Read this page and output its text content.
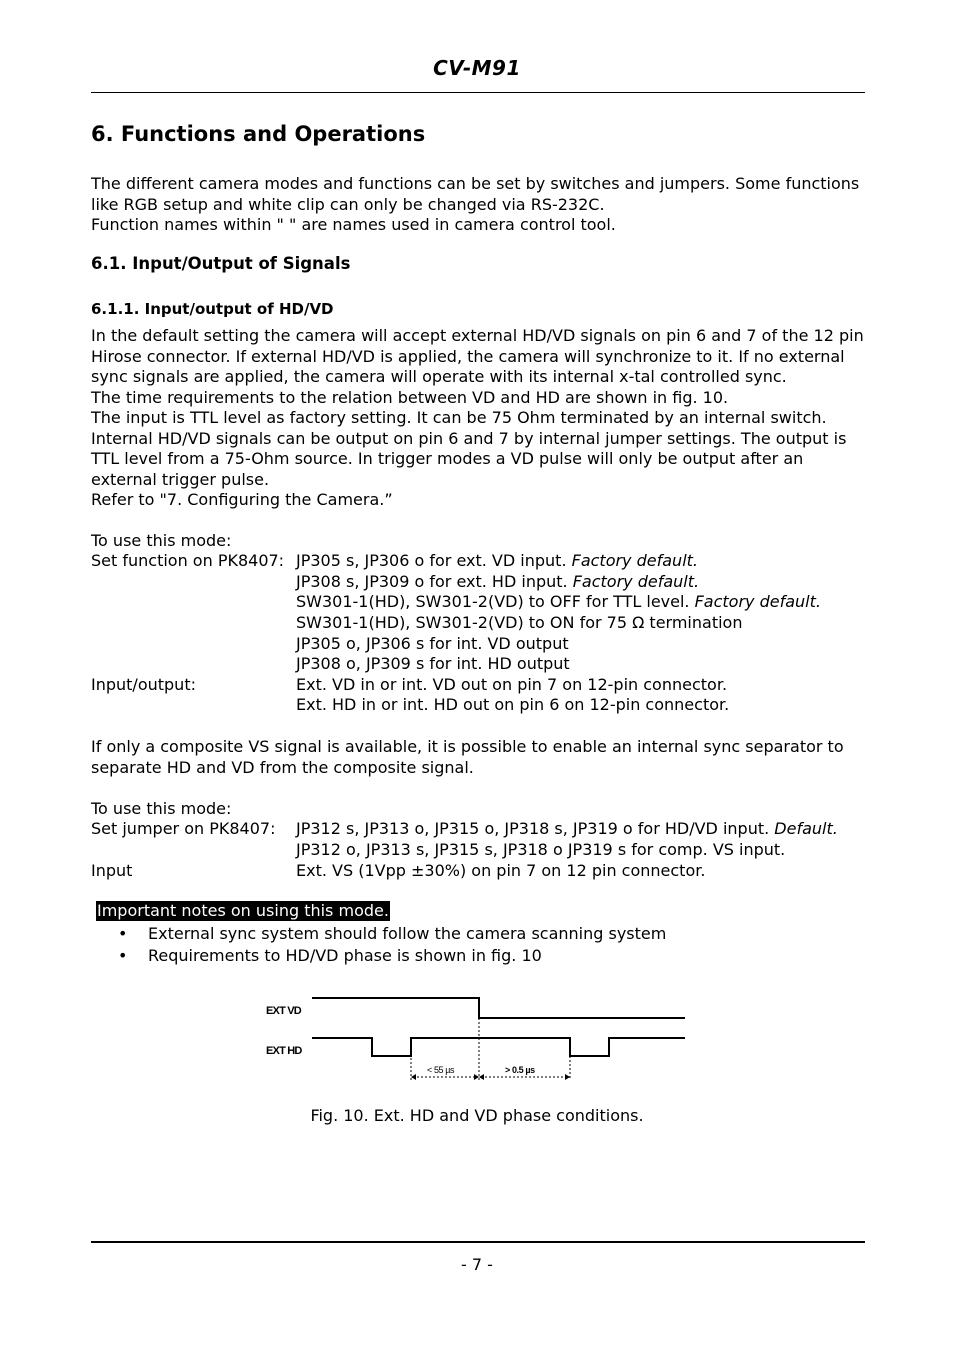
CV-M91
6. Functions and Operations
The different camera modes and functions can be set by switches and jumpers. Some functions
like RGB setup and white clip can only be changed via RS-232C.
Function names within " " are names used in camera control tool.
6.1. Input/Output of Signals
6.1.1. Input/output of HD/VD
In the default setting the camera will accept external HD/VD signals on pin 6 and 7 of the 12 pin
Hirose connector. If external HD/VD is applied, the camera will synchronize to it. If no external
sync signals are applied, the camera will operate with its internal x-tal controlled sync.
The time requirements to the relation between VD and HD are shown in fig. 10.
The input is TTL level as factory setting. It can be 75 Ohm terminated by an internal switch.
Internal HD/VD signals can be output on pin 6 and 7 by internal jumper settings. The output is
TTL level from a 75-Ohm source. In trigger modes a VD pulse will only be output after an
external trigger pulse.
Refer to "7. Configuring the Camera.”
To use this mode:
Set function on PK8407: JP305 s, JP306 o for ext. VD input. Factory default.
JP308 s, JP309 o for ext. HD input. Factory default.
SW301-1(HD), SW301-2(VD) to OFF for TTL level. Factory default.
SW301-1(HD), SW301-2(VD) to ON for 75 Ω termination
JP305 o, JP306 s for int. VD output
JP308 o, JP309 s for int. HD output
Input/output:	Ext. VD in or int. VD out on pin 7 on 12-pin connector.
Ext. HD in or int. HD out on pin 6 on 12-pin connector.
If only a composite VS signal is available, it is possible to enable an internal sync separator to
separate HD and VD from the composite signal.
To use this mode:
Set jumper on PK8407: JP312 s, JP313 o, JP315 o, JP318 s, JP319 o for HD/VD input. Default.
JP312 o, JP313 s, JP315 s, JP318 o JP319 s for comp. VS input.
Input	Ext. VS (1Vpp ±30%) on pin 7 on 12 pin connector.
Important notes on using this mode.
• External sync system should follow the camera scanning system
• Requirements to HD/VD phase is shown in fig. 10
EXT VD
EXT HD
< 55 µs	> 0.5 µs
Fig. 10. Ext. HD and VD phase conditions.
- 7 -
